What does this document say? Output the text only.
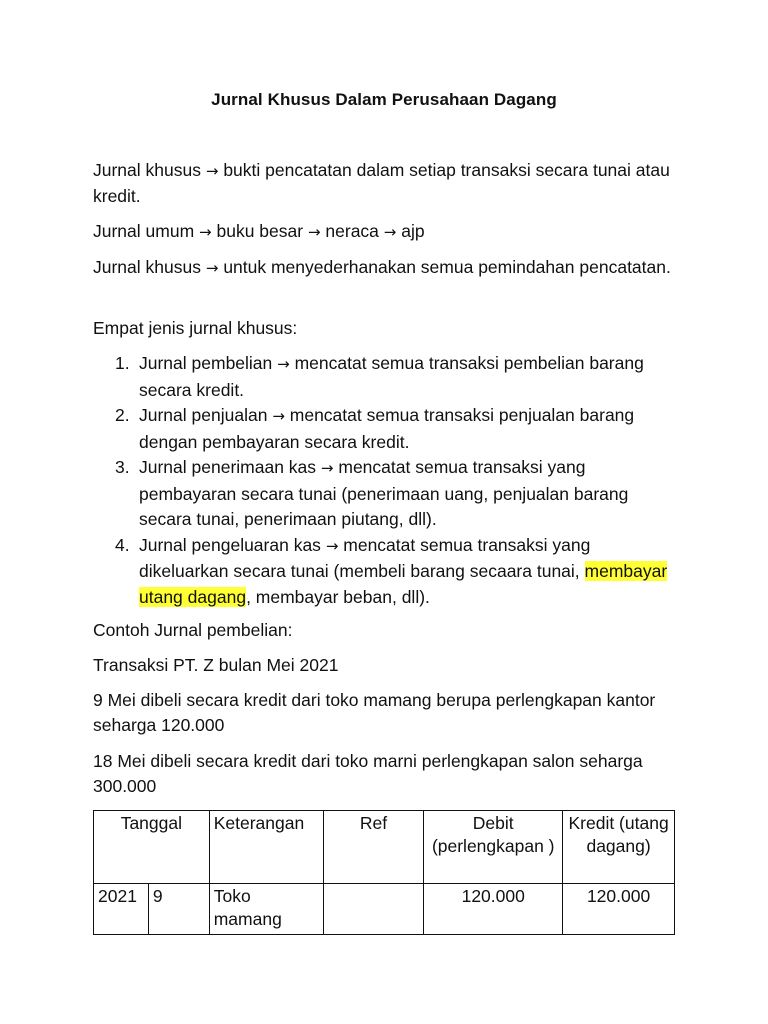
Jurnal Khusus Dalam Perusahaan Dagang

Jurnal khusus → bukti pencatatan dalam setiap transaksi secara tunai atau kredit.

Jurnal umum → buku besar → neraca → ajp

Jurnal khusus → untuk menyederhanakan semua pemindahan pencatatan.

Empat jenis jurnal khusus:

1. Jurnal pembelian → mencatat semua transaksi pembelian barang secara kredit.
2. Jurnal penjualan → mencatat semua transaksi penjualan barang dengan pembayaran secara kredit.
3. Jurnal penerimaan kas → mencatat semua transaksi yang pembayaran secara tunai (penerimaan uang, penjualan barang secara tunai, penerimaan piutang, dll).
4. Jurnal pengeluaran kas → mencatat semua transaksi yang dikeluarkan secara tunai (membeli barang secaara tunai, membayar utang dagang, membayar beban, dll).

Contoh Jurnal pembelian:

Transaksi PT. Z bulan Mei 2021

9 Mei dibeli secara kredit dari toko mamang berupa perlengkapan kantor seharga 120.000

18 Mei dibeli secara kredit dari toko marni perlengkapan salon seharga 300.000

Tanggal		Keterangan	Ref	Debit (perlengkapan )	Kredit (utang dagang)
2021	9	Toko mamang		120.000	120.000
